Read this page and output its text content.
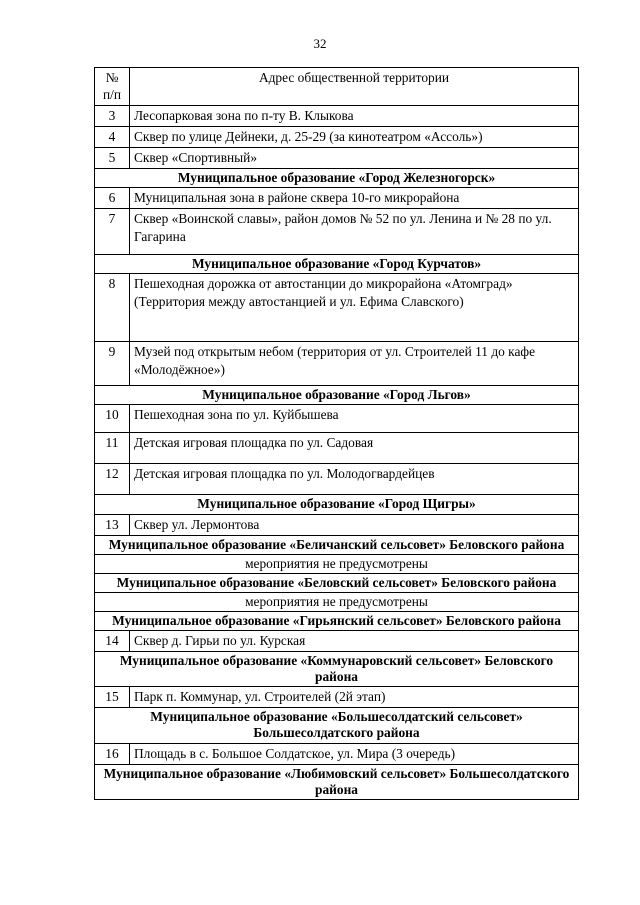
32
№
п/п	Адрес общественной территории
3	Лесопарковая зона по п-ту В. Клыкова
4	Сквер по улице Дейнеки, д. 25-29 (за кинотеатром «Ассоль»)
5	Сквер «Спортивный»
Муниципальное образование «Город Железногорск»	
6	Муниципальная зона в районе сквера 10-го микрорайона
7	Сквер «Воинской славы», район домов № 52 по ул. Ленина и № 28 по ул. Гагарина
Муниципальное образование «Город Курчатов»	
8	Пешеходная дорожка от автостанции до микрорайона «Атомград» (Территория между автостанцией и ул. Ефима Славского)
9	Музей под открытым небом (территория от ул. Строителей 11 до кафе «Молодёжное»)
Муниципальное образование «Город Льгов»	
10	Пешеходная зона по ул. Куйбышева
11	Детская игровая площадка по ул. Садовая
12	Детская игровая площадка по ул. Молодогвардейцев
Муниципальное образование «Город Щигры»	
13	Сквер ул. Лермонтова
Муниципальное образование «Беличанский сельсовет» Беловского района	
мероприятия не предусмотрены	
Муниципальное образование «Беловский сельсовет» Беловского района	
мероприятия не предусмотрены	
Муниципальное образование «Гирьянский сельсовет» Беловского района	
14	Сквер д. Гирьи по ул. Курская
Муниципальное образование «Коммунаровский сельсовет» Беловского района	
15	Парк п. Коммунар, ул. Строителей (2й этап)
Муниципальное образование «Большесолдатский сельсовет» Большесолдатского района	
16	Площадь в с. Большое Солдатское, ул. Мира (3 очередь)
Муниципальное образование «Любимовский сельсовет» Большесолдатского района	
